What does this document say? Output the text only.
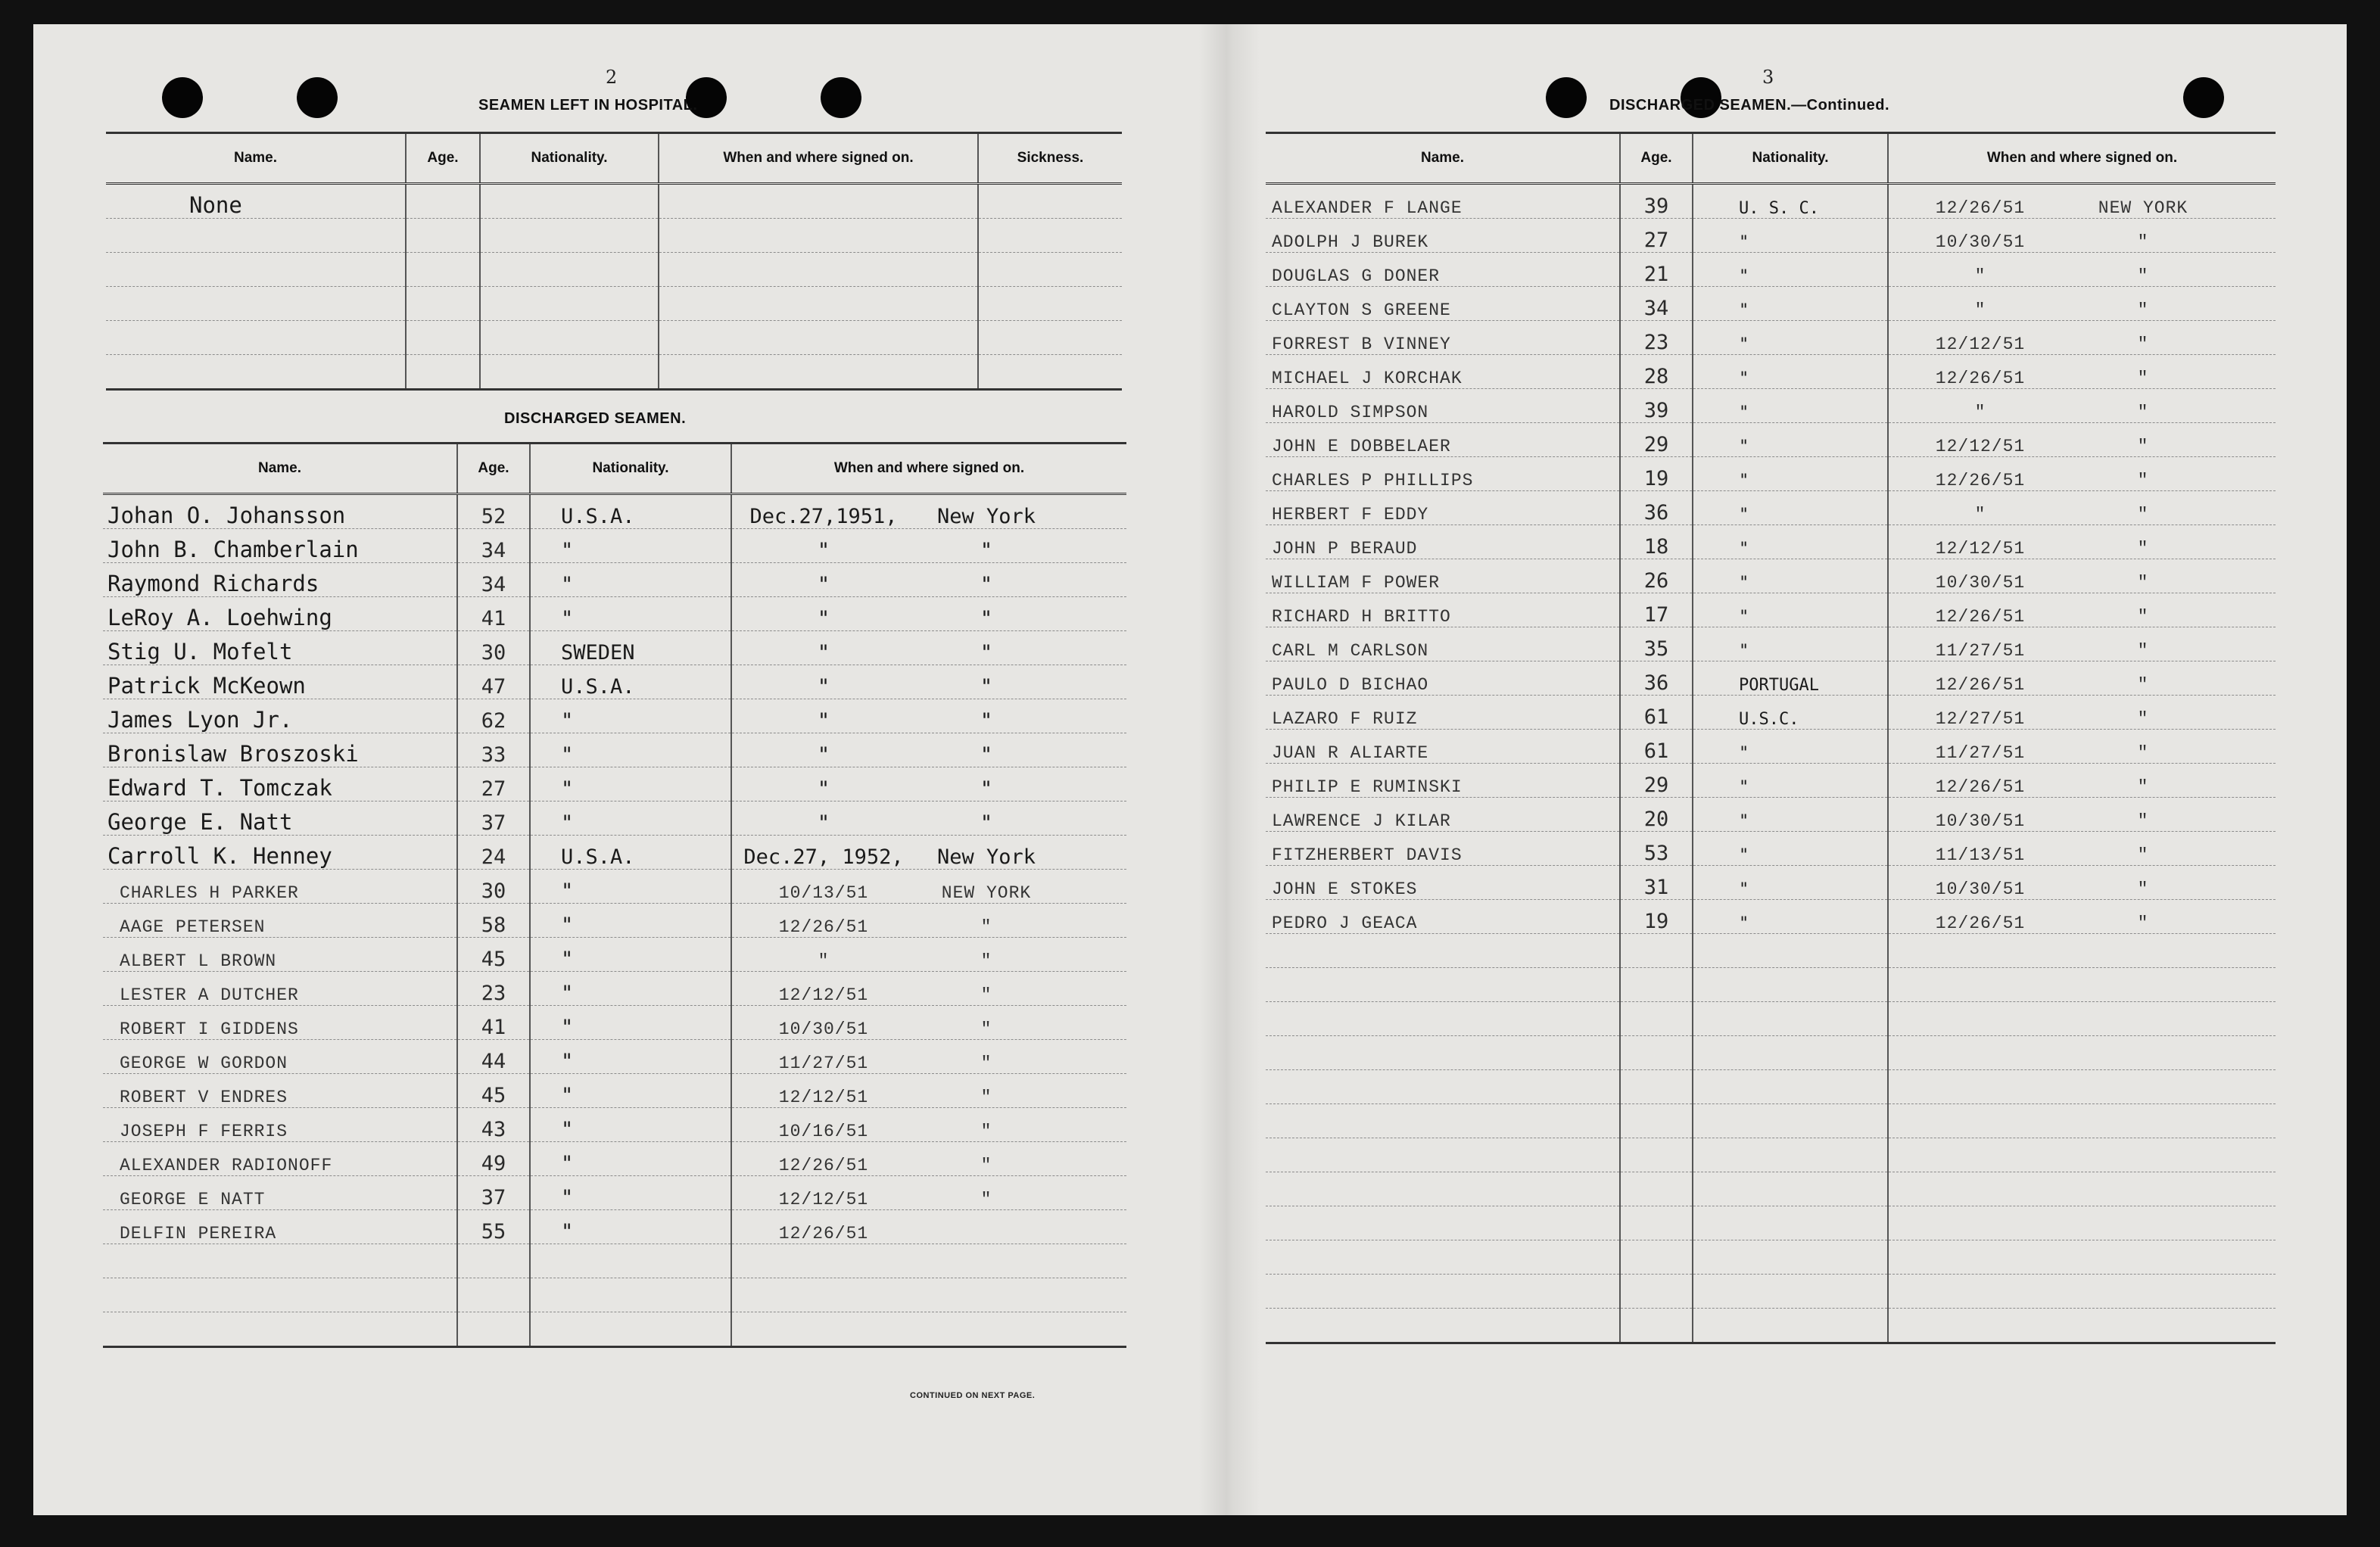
2
SEAMEN LEFT IN HOSPITAL.
Name.	Age.	Nationality.	When and where signed on.	Sickness.
None				

DISCHARGED SEAMEN.
Name.	Age.	Nationality.	When and where signed on.
Johan O. Johansson	52	U.S.A.	Dec.27,1951, New York
John B. Chamberlain	34	"	" "
Raymond Richards	34	"	" "
LeRoy A. Loehwing	41	"	" "
Stig U. Mofelt	30	SWEDEN	" "
Patrick McKeown	47	U.S.A.	" "
James Lyon Jr.	62	"	" "
Bronislaw Broszoski	33	"	" "
Edward T. Tomczak	27	"	" "
George E. Natt	37	"	" "
Carroll K. Henney	24	U.S.A.	Dec.27, 1952, New York
CHARLES H PARKER	30	"	10/13/51 NEW YORK
AAGE PETERSEN	58	"	12/26/51 "
ALBERT L BROWN	45	"	" "
LESTER A DUTCHER	23	"	12/12/51 "
ROBERT I GIDDENS	41	"	10/30/51 "
GEORGE W GORDON	44	"	11/27/51 "
ROBERT V ENDRES	45	"	12/12/51 "
JOSEPH F FERRIS	43	"	10/16/51 "
ALEXANDER RADIONOFF	49	"	12/26/51 "
GEORGE E NATT	37	"	12/12/51 "
DELFIN PEREIRA	55	"	12/26/51

CONTINUED ON NEXT PAGE.
3
DISCHARGED SEAMEN.—Continued.
Name.	Age.	Nationality.	When and where signed on.
ALEXANDER F LANGE	39	U. S. C.	12/26/51 NEW YORK
ADOLPH J BUREK	27	"	10/30/51 "
DOUGLAS G DONER	21	"	" "
CLAYTON S GREENE	34	"	" "
FORREST B VINNEY	23	"	12/12/51 "
MICHAEL J KORCHAK	28	"	12/26/51 "
HAROLD SIMPSON	39	"	" "
JOHN E DOBBELAER	29	"	12/12/51 "
CHARLES P PHILLIPS	19	"	12/26/51 "
HERBERT F EDDY	36	"	" "
JOHN P BERAUD	18	"	12/12/51 "
WILLIAM F POWER	26	"	10/30/51 "
RICHARD H BRITTO	17	"	12/26/51 "
CARL M CARLSON	35	"	11/27/51 "
PAULO D BICHAO	36	PORTUGAL	12/26/51 "
LAZARO F RUIZ	61	U.S.C.	12/27/51 "
JUAN R ALIARTE	61	"	11/27/51 "
PHILIP E RUMINSKI	29	"	12/26/51 "
LAWRENCE J KILAR	20	"	10/30/51 "
FITZHERBERT DAVIS	53	"	11/13/51 "
JOHN E STOKES	31	"	10/30/51 "
PEDRO J GEACA	19	"	12/26/51 "
